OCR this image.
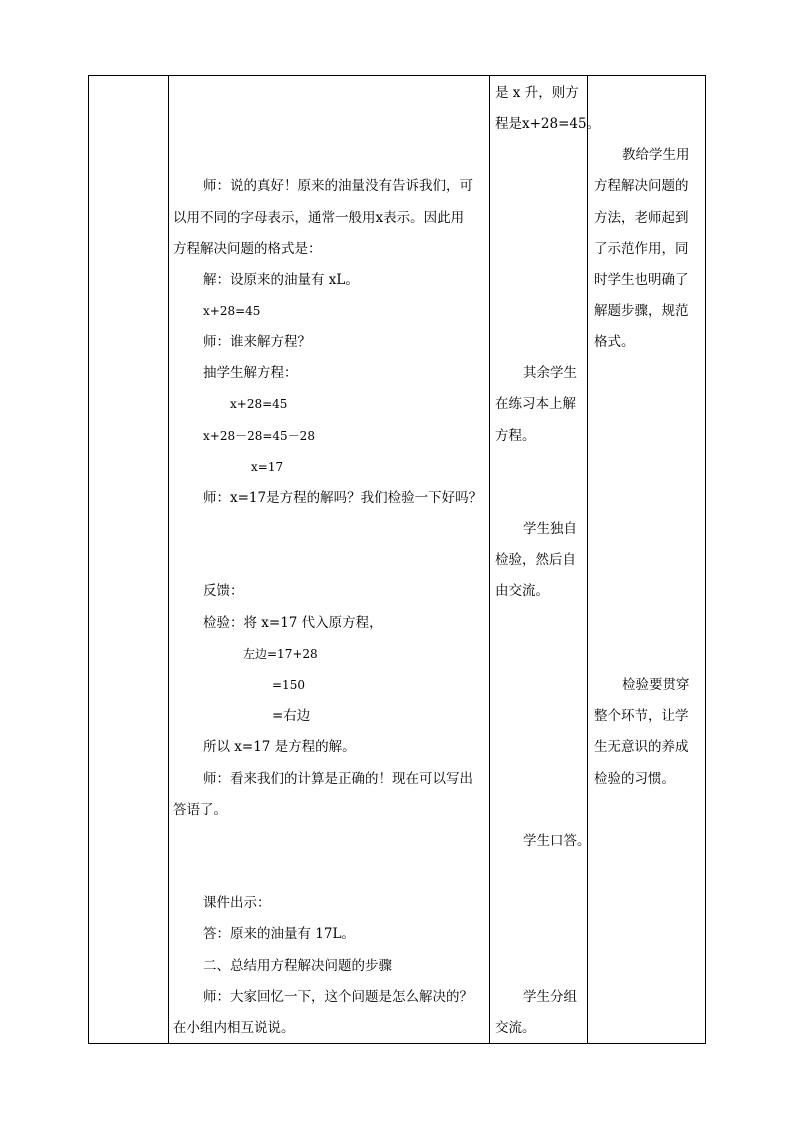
师：说的真好！原来的油量没有告诉我们，可
以用不同的字母表示，通常一般用x表示。因此用
方程解决问题的格式是：
解：设原来的油量有 xL。
x+28=45
师：谁来解方程？
抽学生解方程：
x+28=45
x+28－28=45－28
x=17
师：x=17是方程的解吗？我们检验一下好吗？
反馈：
检验：将 x=17 代入原方程，
左边=17+28
=150
=右边
所以 x=17 是方程的解。
师：看来我们的计算是正确的！现在可以写出
答语了。
课件出示：
答：原来的油量有 17L。
二、总结用方程解决问题的步骤
师：大家回忆一下，这个问题是怎么解决的？
在小组内相互说说。
是 x 升，则方
程是x+28=45。
其余学生
在练习本上解
方程。
学生独自
检验，然后自
由交流。
学生口答。
学生分组
交流。
教给学生用
方程解决问题的
方法，老师起到
了示范作用，同
时学生也明确了
解题步骤，规范
格式。
检验要贯穿
整个环节，让学
生无意识的养成
检验的习惯。
